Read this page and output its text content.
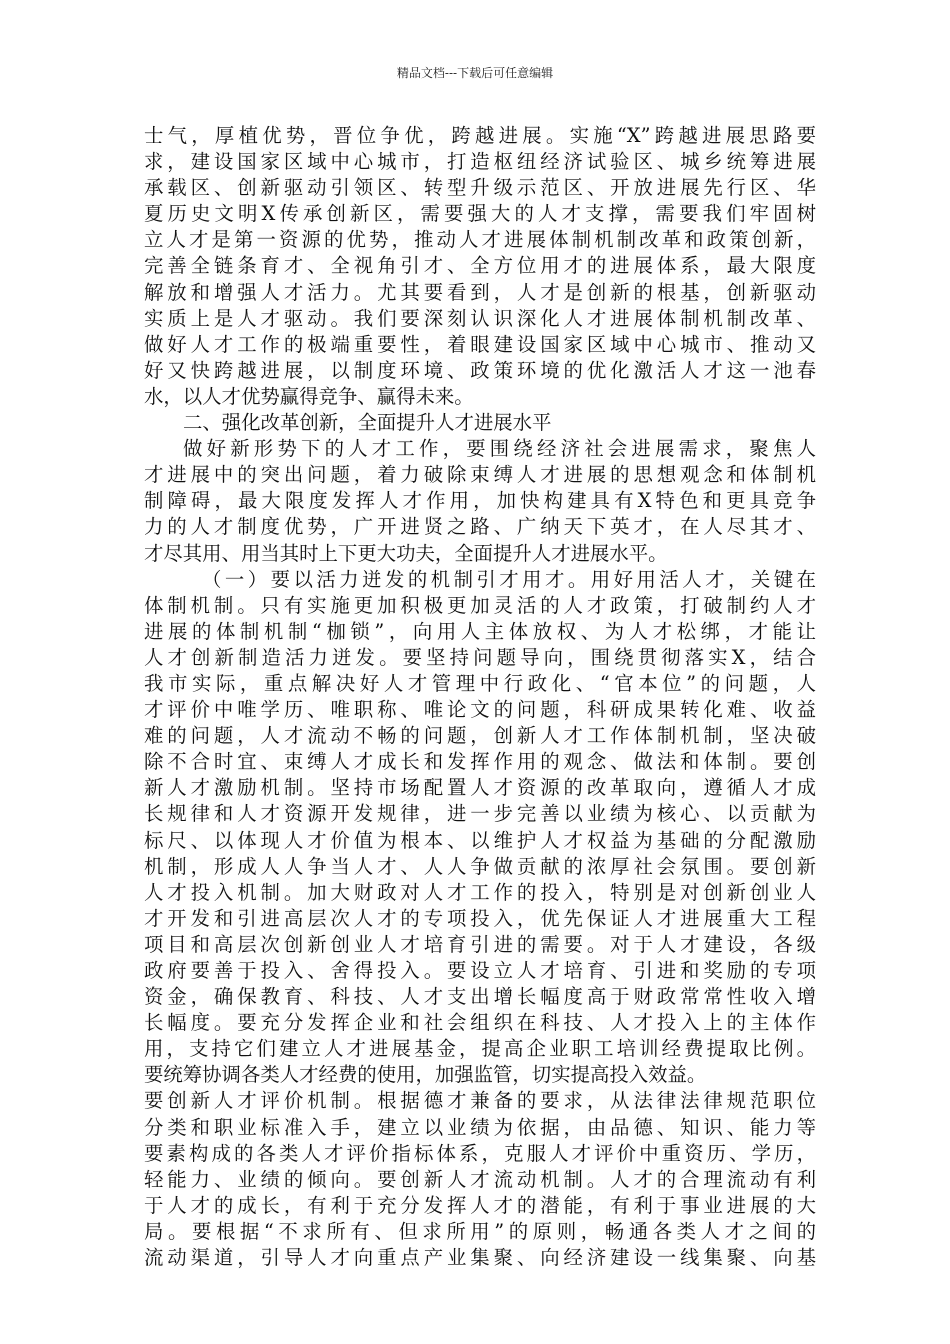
精品文档---下载后可任意编辑
士气，厚植优势，晋位争优，跨越进展。实施“X”跨越进展思路要
求，建设国家区域中心城市，打造枢纽经济试验区、城乡统筹进展
承载区、创新驱动引领区、转型升级示范区、开放进展先行区、华
夏历史文明X传承创新区，需要强大的人才支撑，需要我们牢固树
立人才是第一资源的优势，推动人才进展体制机制改革和政策创新，
完善全链条育才、全视角引才、全方位用才的进展体系，最大限度
解放和增强人才活力。尤其要看到，人才是创新的根基，创新驱动
实质上是人才驱动。我们要深刻认识深化人才进展体制机制改革、
做好人才工作的极端重要性，着眼建设国家区域中心城市、推动又
好又快跨越进展，以制度环境、政策环境的优化激活人才这一池春
水，以人才优势赢得竞争、赢得未来。
二、强化改革创新，全面提升人才进展水平
做好新形势下的人才工作，要围绕经济社会进展需求，聚焦人
才进展中的突出问题，着力破除束缚人才进展的思想观念和体制机
制障碍，最大限度发挥人才作用，加快构建具有X特色和更具竞争
力的人才制度优势，广开进贤之路、广纳天下英才，在人尽其才、
才尽其用、用当其时上下更大功夫，全面提升人才进展水平。
（一）要以活力迸发的机制引才用才。用好用活人才，关键在
体制机制。只有实施更加积极更加灵活的人才政策，打破制约人才
进展的体制机制“枷锁”，向用人主体放权、为人才松绑，才能让
人才创新制造活力迸发。要坚持问题导向，围绕贯彻落实X，结合
我市实际，重点解决好人才管理中行政化、“官本位”的问题，人
才评价中唯学历、唯职称、唯论文的问题，科研成果转化难、收益
难的问题，人才流动不畅的问题，创新人才工作体制机制，坚决破
除不合时宜、束缚人才成长和发挥作用的观念、做法和体制。要创
新人才激励机制。坚持市场配置人才资源的改革取向，遵循人才成
长规律和人才资源开发规律，进一步完善以业绩为核心、以贡献为
标尺、以体现人才价值为根本、以维护人才权益为基础的分配激励
机制，形成人人争当人才、人人争做贡献的浓厚社会氛围。要创新
人才投入机制。加大财政对人才工作的投入，特别是对创新创业人
才开发和引进高层次人才的专项投入，优先保证人才进展重大工程
项目和高层次创新创业人才培育引进的需要。对于人才建设，各级
政府要善于投入、舍得投入。要设立人才培育、引进和奖励的专项
资金，确保教育、科技、人才支出增长幅度高于财政常常性收入增
长幅度。要充分发挥企业和社会组织在科技、人才投入上的主体作
用，支持它们建立人才进展基金，提高企业职工培训经费提取比例。
要统筹协调各类人才经费的使用，加强监管，切实提高投入效益。
要创新人才评价机制。根据德才兼备的要求，从法律法律规范职位
分类和职业标准入手，建立以业绩为依据，由品德、知识、能力等
要素构成的各类人才评价指标体系，克服人才评价中重资历、学历，
轻能力、业绩的倾向。要创新人才流动机制。人才的合理流动有利
于人才的成长，有利于充分发挥人才的潜能，有利于事业进展的大
局。要根据“不求所有、但求所用”的原则，畅通各类人才之间的
流动渠道，引导人才向重点产业集聚、向经济建设一线集聚、向基
